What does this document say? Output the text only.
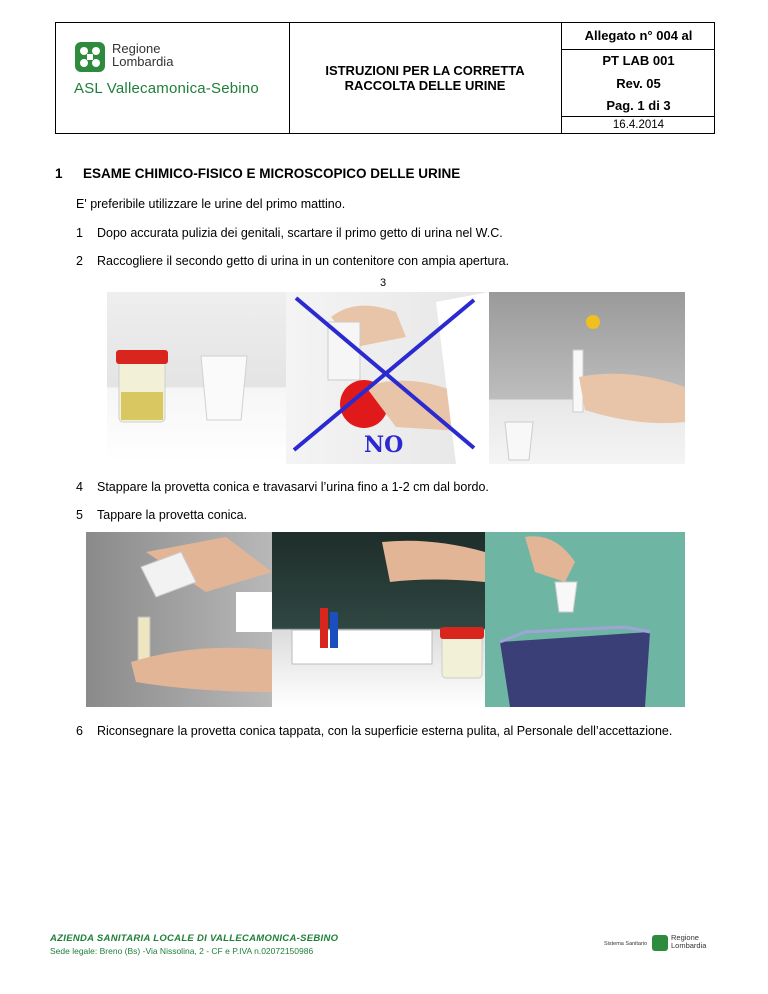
Regione
Lombardia
ASL Vallecamonica-Sebino
ISTRUZIONI PER LA CORRETTA
RACCOLTA DELLE URINE
Allegato n° 004 al
PT LAB 001
Rev. 05
Pag. 1 di 3
16.4.2014
1 ESAME CHIMICO-FISICO E MICROSCOPICO DELLE URINE
E' preferibile utilizzare le urine del primo mattino.
1 Dopo accurata pulizia dei genitali, scartare il primo getto di urina nel W.C.
2 Raccogliere il secondo getto di urina in un contenitore con ampia apertura.
3
NO
4 Stappare la provetta conica e travasarvi l’urina fino a 1-2 cm dal bordo.
5 Tappare la provetta conica.
6 Riconsegnare la provetta conica tappata, con la superficie esterna pulita, al Personale dell’accettazione.
AZIENDA SANITARIA LOCALE DI VALLECAMONICA-SEBINO
Sede legale: Breno (Bs) -Via Nissolina, 2 - CF e P.IVA n.02072150986
Sistema Sanitario
Regione
Lombardia
